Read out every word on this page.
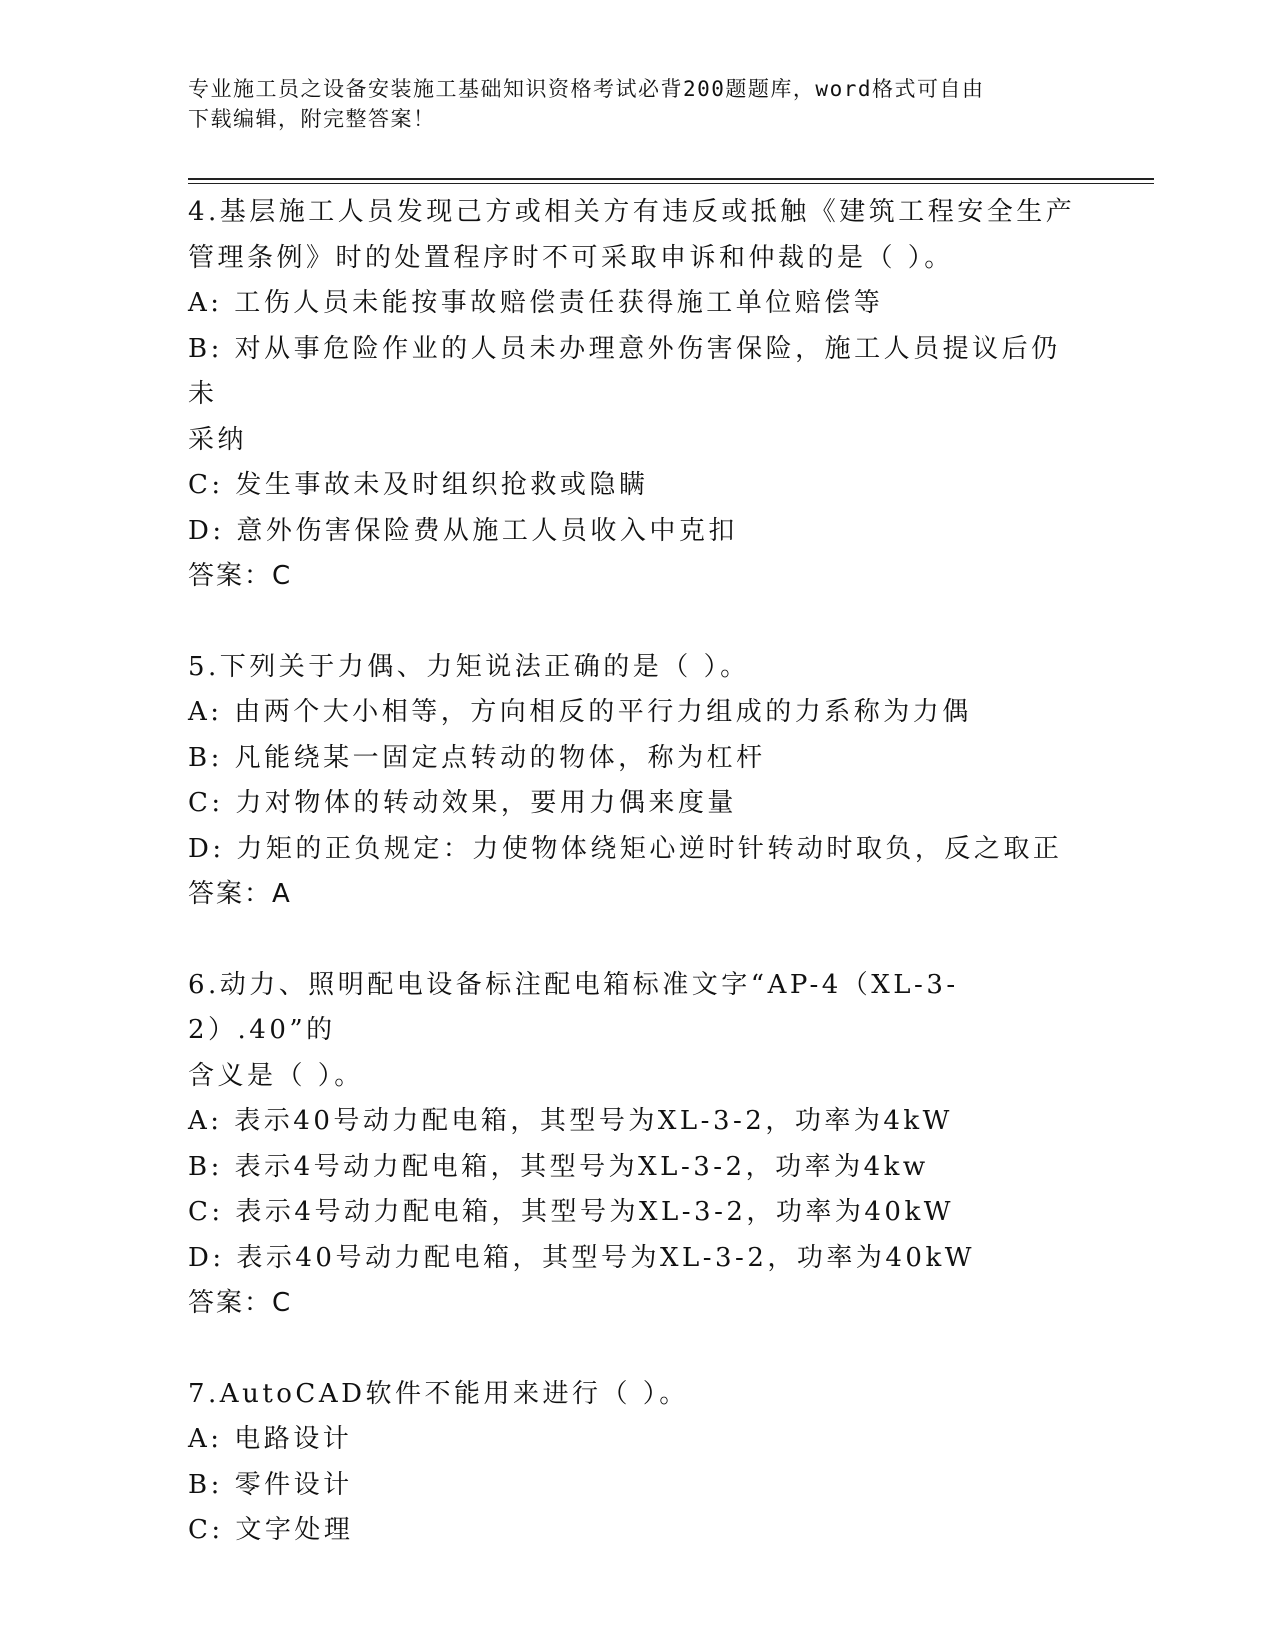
专业施工员之设备安装施工基础知识资格考试必背200题题库，word格式可自由
下载编辑，附完整答案！
4.基层施工人员发现己方或相关方有违反或抵触《建筑工程安全生产
管理条例》时的处置程序时不可采取申诉和仲裁的是（ ）。
A: 工伤人员未能按事故赔偿责任获得施工单位赔偿等
B: 对从事危险作业的人员未办理意外伤害保险，施工人员提议后仍未
采纳
C: 发生事故未及时组织抢救或隐瞒
D: 意外伤害保险费从施工人员收入中克扣
答案：C
5.下列关于力偶、力矩说法正确的是（ ）。
A: 由两个大小相等，方向相反的平行力组成的力系称为力偶
B: 凡能绕某一固定点转动的物体，称为杠杆
C: 力对物体的转动效果，要用力偶来度量
D: 力矩的正负规定：力使物体绕矩心逆时针转动时取负，反之取正
答案：A
6.动力、照明配电设备标注配电箱标准文字“AP-4（XL-3-2）.40”的
含义是（ ）。
A: 表示40号动力配电箱，其型号为XL-3-2，功率为4kW
B: 表示4号动力配电箱，其型号为XL-3-2，功率为4kw
C: 表示4号动力配电箱，其型号为XL-3-2，功率为40kW
D: 表示40号动力配电箱，其型号为XL-3-2，功率为40kW
答案：C
7.AutoCAD软件不能用来进行（ ）。
A: 电路设计
B: 零件设计
C: 文字处理
